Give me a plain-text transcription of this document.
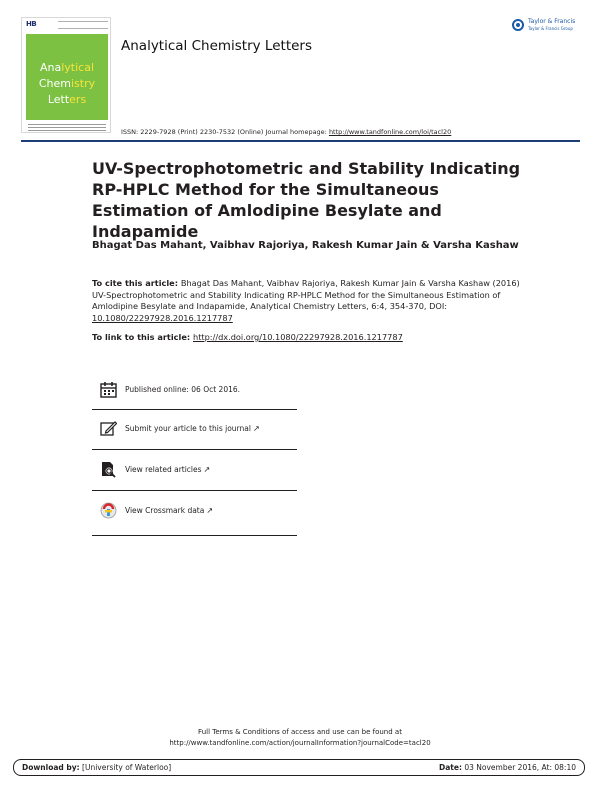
HB
Analytical
Chemistry
Letters
Analytical Chemistry Letters
Taylor & Francis
Taylor & Francis Group
ISSN: 2229-7928 (Print) 2230-7532 (Online) Journal homepage: http://www.tandfonline.com/loi/tacl20
UV-Spectrophotometric and Stability Indicating RP-HPLC Method for the Simultaneous Estimation of Amlodipine Besylate and Indapamide
Bhagat Das Mahant, Vaibhav Rajoriya, Rakesh Kumar Jain & Varsha Kashaw
To cite this article: Bhagat Das Mahant, Vaibhav Rajoriya, Rakesh Kumar Jain & Varsha Kashaw (2016) UV-Spectrophotometric and Stability Indicating RP-HPLC Method for the Simultaneous Estimation of Amlodipine Besylate and Indapamide, Analytical Chemistry Letters, 6:4, 354-370, DOI: 10.1080/22297928.2016.1217787
To link to this article: http://dx.doi.org/10.1080/22297928.2016.1217787
Published online: 06 Oct 2016.
Submit your article to this journal ↗
View related articles ↗
View Crossmark data ↗
Full Terms & Conditions of access and use can be found at
http://www.tandfonline.com/action/journalInformation?journalCode=tacl20
Download by: [University of Waterloo]	Date: 03 November 2016, At: 08:10
